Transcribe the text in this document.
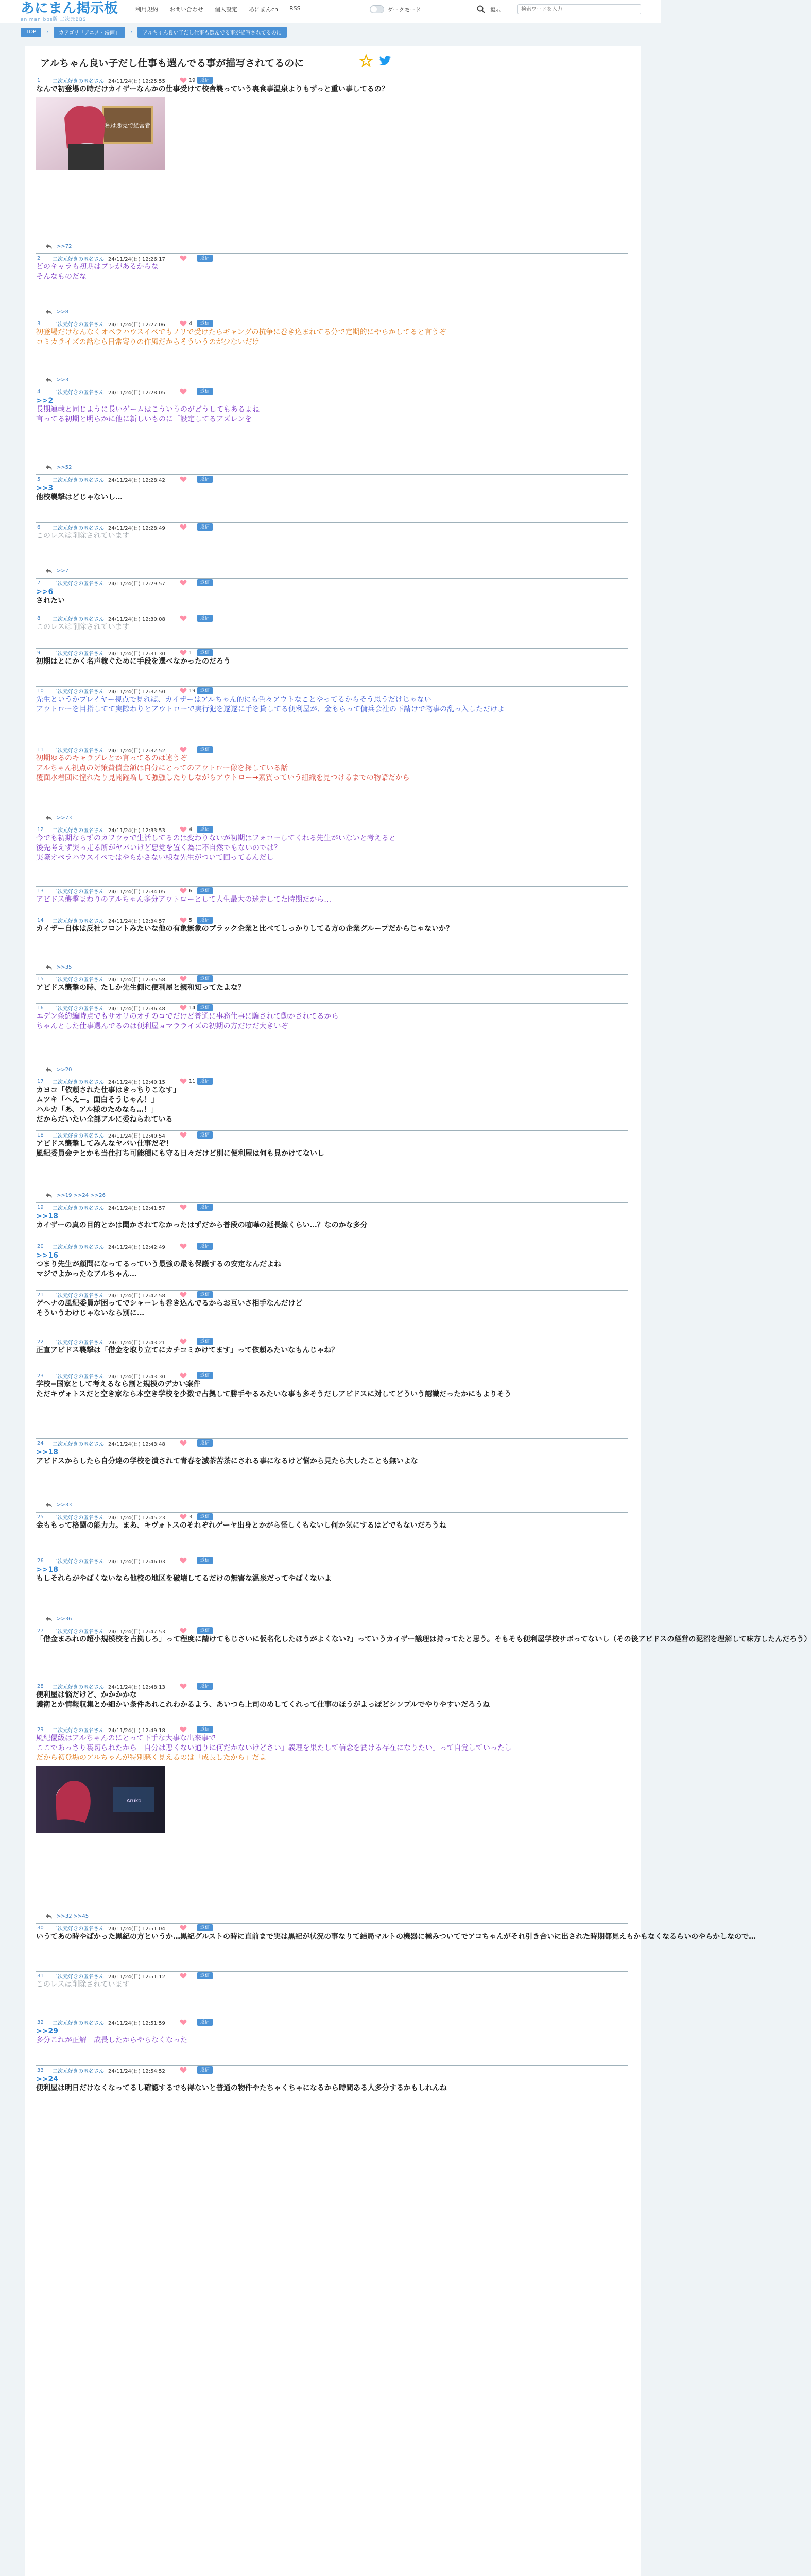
あにまん掲示板
animan bbs版 二次元BBS
利用規約 お問い合わせ 個人設定 あにまんch RSS	ダークモード	掲示
検索ワードを入力
TOP	›	カテゴリ「アニメ・漫画」	›	アルちゃん良い子だし仕事も選んでる事が描写されてるのに
アルちゃん良い子だし仕事も選んでる事が描写されてるのに
1	二次元好きの匿名さん 24/11/24(日) 12:25:55	19	返信
なんで初登場の時だけカイザーなんかの仕事受けて校舎襲っていう裏食事温泉よりもずっと重い事してるの？
私は悪党で経営者
>>72
2	二次元好きの匿名さん 24/11/24(日) 12:26:17	返信
どのキャラも初期はブレがあるからな
そんなものだな
>>8
3	二次元好きの匿名さん 24/11/24(日) 12:27:06	4	返信
初登場だけなんなくオペラハウスイベでもノリで受けたらギャングの抗争に巻き込まれてる分で定期的にやらかしてると言うぞ
コミカライズの話なら日常寄りの作風だからそういうのが少ないだけ
>>3
4	二次元好きの匿名さん 24/11/24(日) 12:28:05	返信
>>2
長期連載と同じように長いゲームはこういうのがどうしてもあるよね
言ってる初期と明らかに他に新しいものに「設定してるアズレンを
>>52
5	二次元好きの匿名さん 24/11/24(日) 12:28:42	返信
>>3
他校襲撃はどじゃないし…
6	二次元好きの匿名さん 24/11/24(日) 12:28:49	返信
このレスは削除されています
>>7
7	二次元好きの匿名さん 24/11/24(日) 12:29:57	返信
>>6
されたい
8	二次元好きの匿名さん 24/11/24(日) 12:30:08	返信
このレスは削除されています
9	二次元好きの匿名さん 24/11/24(日) 12:31:30	1	返信
初期はとにかく名声稼ぐために手段を選べなかったのだろう
10	二次元好きの匿名さん 24/11/24(日) 12:32:50	19	返信
先生というかプレイヤー視点で見れば、カイザーはアルちゃん的にも色々アウトなことやってるからそう思うだけじゃない
アウトローを目指してて実際わりとアウトローで実行犯を遂遂に手を貸してる便利屋が、金もらって傭兵会社の下請けで物事の乱っ入しただけよ
11	二次元好きの匿名さん 24/11/24(日) 12:32:52	返信
初期ゆるのキャラブレとか言ってるのは違うぞ
アルちゃん視点の対策費債金額は自分にとってのアウトロー像を探している話
覆面水着団に憧れたり見聞躍増して強強したりしながらアウトロー→素質っていう組織を見つけるまでの物語だから
>>73
12	二次元好きの匿名さん 24/11/24(日) 12:33:53	4	返信
今でも初期ならずのカフウゥで生活してるのは変わりないが初期はフォローしてくれる先生がいないと考えると
後先考えず突っ走る所がヤバいけど悪党を置く為に不自然でもないのでは？
実際オペラハウスイベではやらかさない様な先生がついて回ってるんだし
13	二次元好きの匿名さん 24/11/24(日) 12:34:05	6	返信
アビドス襲撃まわりのアルちゃん多分アウトローとして人生最大の迷走してた時期だから…
14	二次元好きの匿名さん 24/11/24(日) 12:34:57	5	返信
カイザー自体は反社フロントみたいな他の有象無象のブラック企業と比べてしっかりしてる方の企業グループだからじゃないか？
>>35
15	二次元好きの匿名さん 24/11/24(日) 12:35:58	返信
アビドス襲撃の時、たしか先生側に便利屋と親和知ってたよな？
16	二次元好きの匿名さん 24/11/24(日) 12:36:48	14	返信
エデン条約編時点でもサオリのオチのコでだけど普通に事務仕事に騙されて動かされてるから
ちゃんとした仕事選んでるのは便利屋ョマラライズの初期の方だけだ大きいぞ
>>20
17	二次元好きの匿名さん 24/11/24(日) 12:40:15	11	返信
カヨコ「依頼された仕事はきっちりこなす」
ムツキ「へえー。面白そうじゃん！」
ハルカ「あ、アル様のためなら…！」
だからだいたい全部アルに委ねられている
18	二次元好きの匿名さん 24/11/24(日) 12:40:54	返信
アビドス襲撃してみんなヤバい仕事だぞ！
風紀委員会テとかも当仕打ち可能積にも守る日々だけど別に便利屋は何も見かけてないし
>>19 >>24 >>26
19	二次元好きの匿名さん 24/11/24(日) 12:41:57	返信
>>18
カイザーの真の目的とかは聞かされてなかったはずだから普段の喧嘩の延長線くらい…？なのかな多分
20	二次元好きの匿名さん 24/11/24(日) 12:42:49	返信
>>16
つまり先生が顧問になってるっていう最強の最も保護するの安定なんだよね
マジでよかったなアルちゃん…
21	二次元好きの匿名さん 24/11/24(日) 12:42:58	返信
ゲヘナの風紀委員が困ってでシャーレも巻き込んでるからお互いさ相手なんだけど
そういうわけじゃないなら別に…
22	二次元好きの匿名さん 24/11/24(日) 12:43:21	返信
正直アビドス襲撃は「借金を取り立てにカチコミかけてます」って依頼みたいなもんじゃね？
23	二次元好きの匿名さん 24/11/24(日) 12:43:30	返信
学校=国家として考えるなら割と規模のデカい案件
ただキヴォトスだと空き家なら本空き学校を少数で占拠して勝手やるみたいな事も多そうだしアビドスに対してどういう認識だったかにもよりそう
24	二次元好きの匿名さん 24/11/24(日) 12:43:48	返信
>>18
アビドスからしたら自分達の学校を潰されて青春を滅茶苦茶にされる事になるけど悩から見たら大したことも無いよな
>>33
25	二次元好きの匿名さん 24/11/24(日) 12:45:23	3	返信
金ももって格闘の能力力。まあ、キヴォトスのそれぞれゲーヤ出身とかがら怪しくもないし何か気にするはどでもないだろうね
26	二次元好きの匿名さん 24/11/24(日) 12:46:03	返信
>>18
もしそれらがやばくないなら他校の地区を破壊してるだけの無害な温泉だってやばくないよ
>>36
27	二次元好きの匿名さん 24/11/24(日) 12:47:53	返信
「借金まみれの超小規模校を占拠しろ」って程度に請けてもじさいに仮名化したほうがよくない?」っていうカイザー議理は持ってたと思う。そもそも便利屋学校サボってないし（その後アビドスの経営の泥沼を理解して味方したんだろう）
28	二次元好きの匿名さん 24/11/24(日) 12:48:13	返信
便利屋は悩だけど、かかかかな
護衛とか情報収集とか細かい条件あれこれわかるよう、あいつら上司のめしてくれって仕事のほうがよっぽどシンプルでやりやすいだろうね
29	二次元好きの匿名さん 24/11/24(日) 12:49:18	返信
風紀優級はアルちゃんのにとって下手な大事な出来事で
ここであっさり裏切られたから「自分は悪くない通りに何だかないけどさい」義理を果たして信念を賞ける存在になりたい」って自覚していったし
だから初登場のアルちゃんが特別悪く見えるのは「成長したから」だよ
Aruko
>>32 >>45
30	二次元好きの匿名さん 24/11/24(日) 12:51:04	返信
いうてあの時やばかった黒紀の方というか…黒紀グルストの時に直前まで実は黒紀が状況の事なりて結局マルトの機器に極みついてでアコちゃんがそれ引き合いに出された時期都見えもかもなくなるらいのやらかしなので…
31	二次元好きの匿名さん 24/11/24(日) 12:51:12	返信
このレスは削除されています
32	二次元好きの匿名さん 24/11/24(日) 12:51:59	返信
>>29
多分これが正解　成長したからやらなくなった
33	二次元好きの匿名さん 24/11/24(日) 12:54:52	返信
>>24
便利屋は明日だけなくなってるし確認するでも得ないと普通の物件やたちゃくちゃになるから時間ある人多分するかもしれんね
